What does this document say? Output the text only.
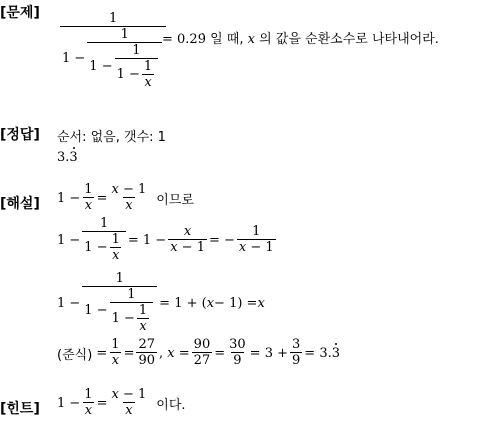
[문제]
[정답]
[해설]
[힌트]
1
1 −
1
1 −
1
1 −
1
x
= 0.29̇ 일 때, x 의 값을 순환소수로 나타내어라.
순서: 없음, 갯수: 1
3.3
1 −
1
x =
x − 1
x 이므로
1 −
1
1 −
1
x
= 1 −
x
x − 1 = −
1
x − 1
1 −
1
1 −
1
1 −
1
x
= 1 + ( x − 1) = x
(준식) =
1
x =
27
90 , x =
90
27 =
30
9 = 3 +
3
9 = 3. 3
1 −
1
x =
x − 1
x 이다.
